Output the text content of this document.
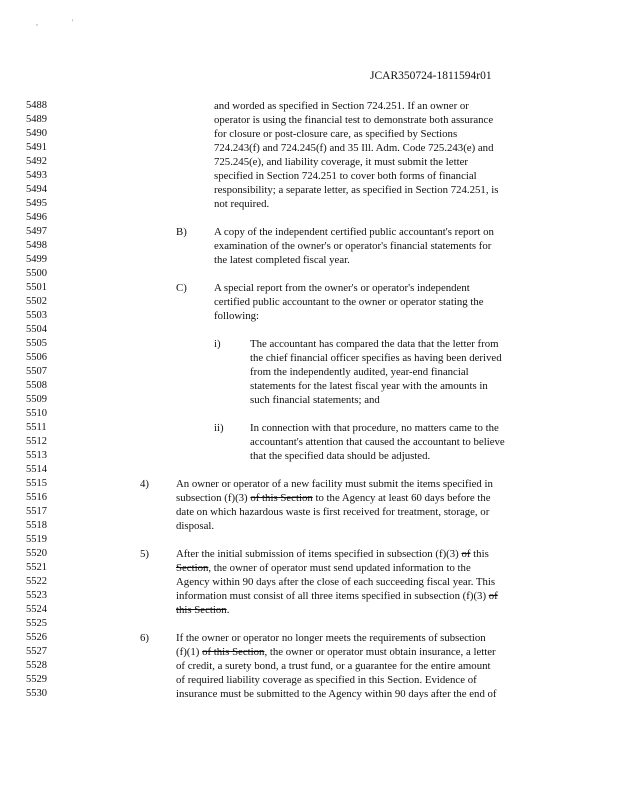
,	'
JCAR350724-1811594r01
5488
5489
5490
5491
5492
5493
5494
5495
5496
5497
5498
5499
5500
5501
5502
5503
5504
5505
5506
5507
5508
5509
5510
5511
5512
5513
5514
5515
5516
5517
5518
5519
5520
5521
5522
5523
5524
5525
5526
5527
5528
5529
5530
and worded as specified in Section 724.251. If an owner or
operator is using the financial test to demonstrate both assurance
for closure or post-closure care, as specified by Sections
724.243(f) and 724.245(f) and 35 Ill. Adm. Code 725.243(e) and
725.245(e), and liability coverage, it must submit the letter
specified in Section 724.251 to cover both forms of financial
responsibility; a separate letter, as specified in Section 724.251, is
not required.
B)	A copy of the independent certified public accountant's report on
examination of the owner's or operator's financial statements for
the latest completed fiscal year.
C)	A special report from the owner's or operator's independent
certified public accountant to the owner or operator stating the
following:
i)	The accountant has compared the data that the letter from
the chief financial officer specifies as having been derived
from the independently audited, year-end financial
statements for the latest fiscal year with the amounts in
such financial statements; and
ii) In connection with that procedure, no matters came to the
accountant's attention that caused the accountant to believe
that the specified data should be adjusted.
4)	An owner or operator of a new facility must submit the items specified in
subsection (f)(3) of this Section to the Agency at least 60 days before the
date on which hazardous waste is first received for treatment, storage, or
disposal.
5)	After the initial submission of items specified in subsection (f)(3) of this
Section, the owner of operator must send updated information to the
Agency within 90 days after the close of each succeeding fiscal year. This
information must consist of all three items specified in subsection (f)(3) of
this Section.
6)	If the owner or operator no longer meets the requirements of subsection
(f)(1) of this Section, the owner or operator must obtain insurance, a letter
of credit, a surety bond, a trust fund, or a guarantee for the entire amount
of required liability coverage as specified in this Section. Evidence of
insurance must be submitted to the Agency within 90 days after the end of
